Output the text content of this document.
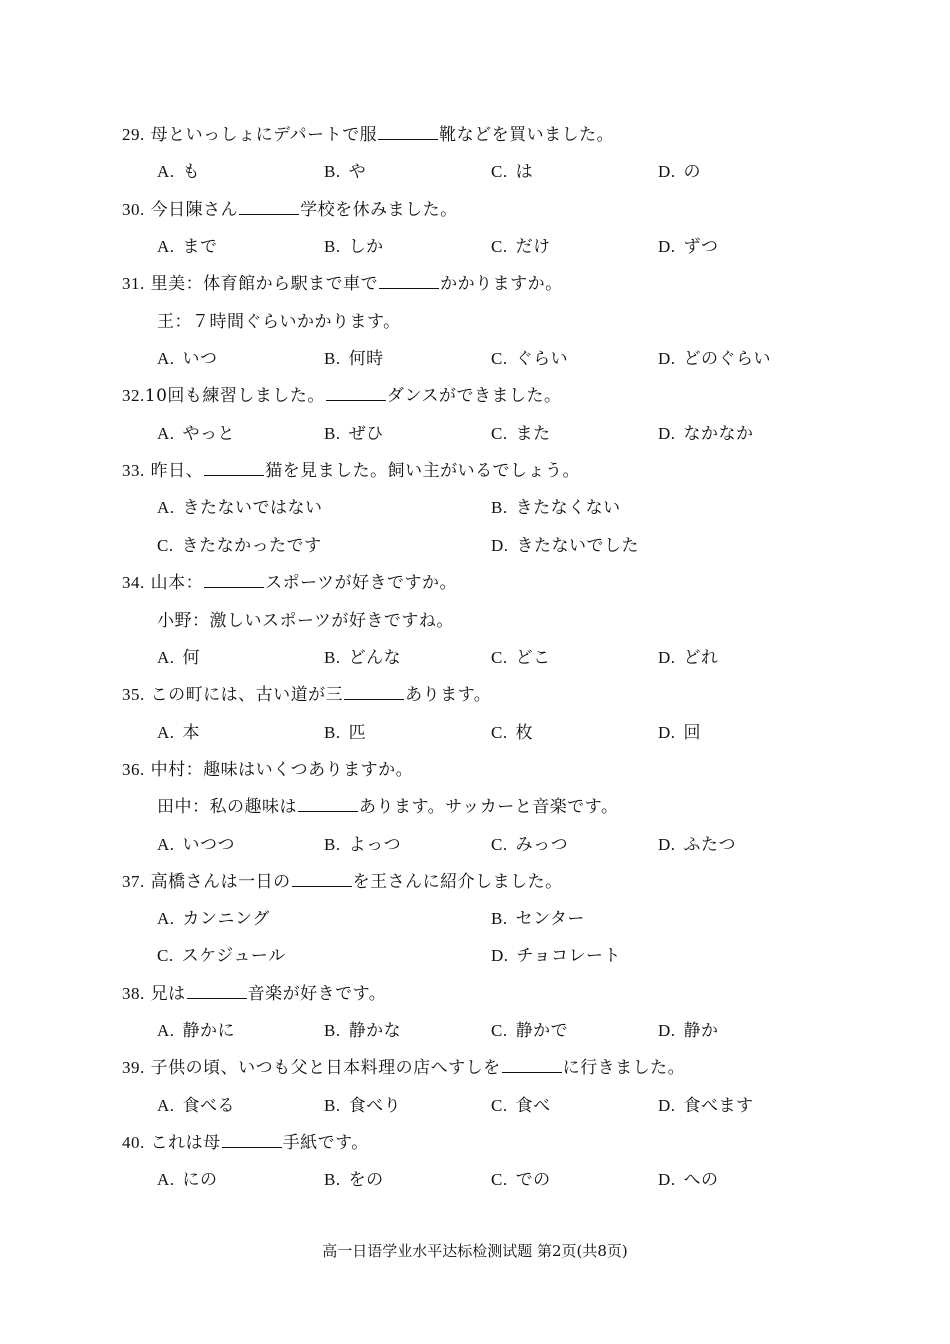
29. 母といっしょにデパートで服	靴などを買いました。
A. も	B. や	C. は	D. の
30. 今日陳さん	学校を休みました。
A. まで	B. しか	C. だけ	D. ずつ
31. 里美：体育館から駅まで車で	かかりますか。
王：７時間ぐらいかかります。
A. いつ	B. 何時	C. ぐらい	D. どのぐらい
32.10回も練習しました。	ダンスができました。
A. やっと	B. ぜひ	C. また	D. なかなか
33. 昨日、	猫を見ました。飼い主がいるでしょう。
A. きたないではない	B. きたなくない
C. きたなかったです	D. きたないでした
34. 山本：	スポーツが好きですか。
小野：激しいスポーツが好きですね。
A. 何	B. どんな	C. どこ	D. どれ
35. この町には、古い道が三	あります。
A. 本	B. 匹	C. 枚	D. 回
36. 中村：趣味はいくつありますか。
田中：私の趣味は	あります。サッカーと音楽です。
A. いつつ	B. よっつ	C. みっつ	D. ふたつ
37. 高橋さんは一日の	を王さんに紹介しました。
A. カンニング	B. センター
C. スケジュール	D. チョコレート
38. 兄は	音楽が好きです。
A. 静かに	B. 静かな	C. 静かで	D. 静か
39. 子供の頃、いつも父と日本料理の店へすしを	に行きました。
A. 食べる	B. 食べり	C. 食べ	D. 食べます
40. これは母	手紙です。
A. にの	B. をの	C. での	D. への
高一日语学业水平达标检测试题 第2页(共8页)
